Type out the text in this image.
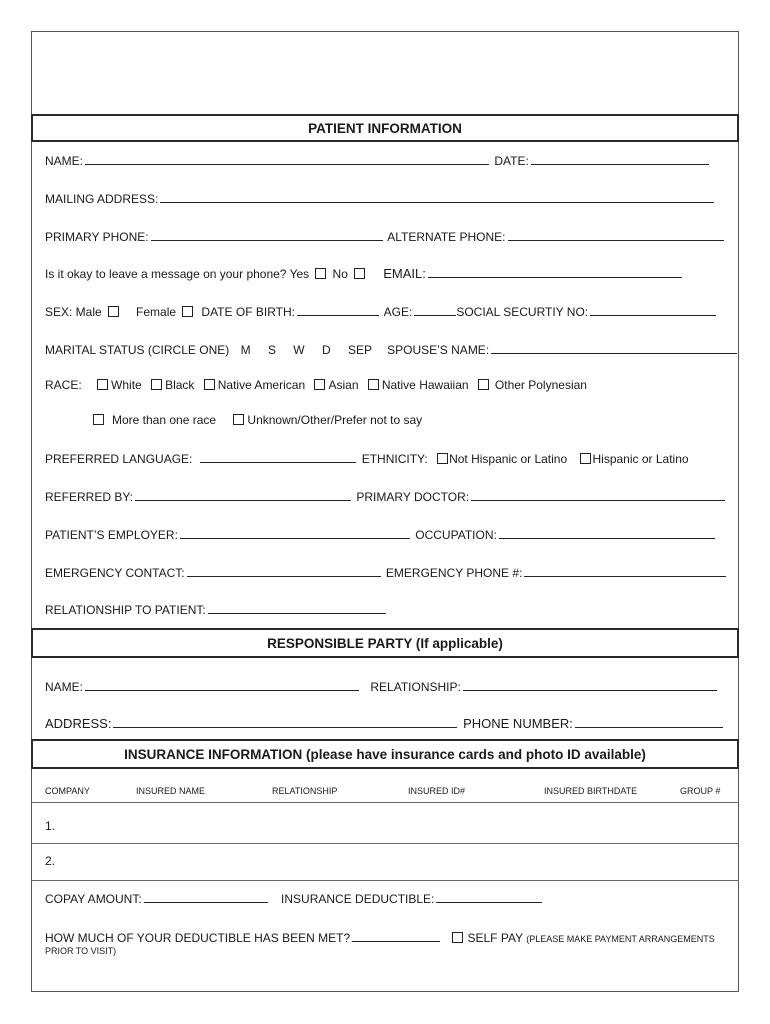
PATIENT INFORMATION
NAME:	DATE:
MAILING ADDRESS:
PRIMARY PHONE:	ALTERNATE PHONE:
Is it okay to leave a message on your phone? Yes No	EMAIL:
SEX: Male	Female DATE OF BIRTH:	AGE:	SOCIAL SECURTIY NO:
MARITAL STATUS (CIRCLE ONE) M S W D SEP SPOUSE’S NAME:
RACE: White Black Native American Asian Native Hawaiian Other Polynesian
More than one race	Unknown/Other/Prefer not to say
PREFERRED LANGUAGE:	ETHNICITY: Not Hispanic or Latino Hispanic or Latino
REFERRED BY:	PRIMARY DOCTOR:
PATIENT’S EMPLOYER:	OCCUPATION:
EMERGENCY CONTACT:	EMERGENCY PHONE #:
RELATIONSHIP TO PATIENT:
RESPONSIBLE PARTY (If applicable)
NAME:	RELATIONSHIP:
ADDRESS:	PHONE NUMBER:
INSURANCE INFORMATION (please have insurance cards and photo ID available)
COMPANY	INSURED NAME	RELATIONSHIP	INSURED ID#	INSURED BIRTHDATE	GROUP #
1.
2.
COPAY AMOUNT:	INSURANCE DEDUCTIBLE:
HOW MUCH OF YOUR DEDUCTIBLE HAS BEEN MET?	SELF PAY (PLEASE MAKE PAYMENT ARRANGEMENTS
PRIOR TO VISIT)
